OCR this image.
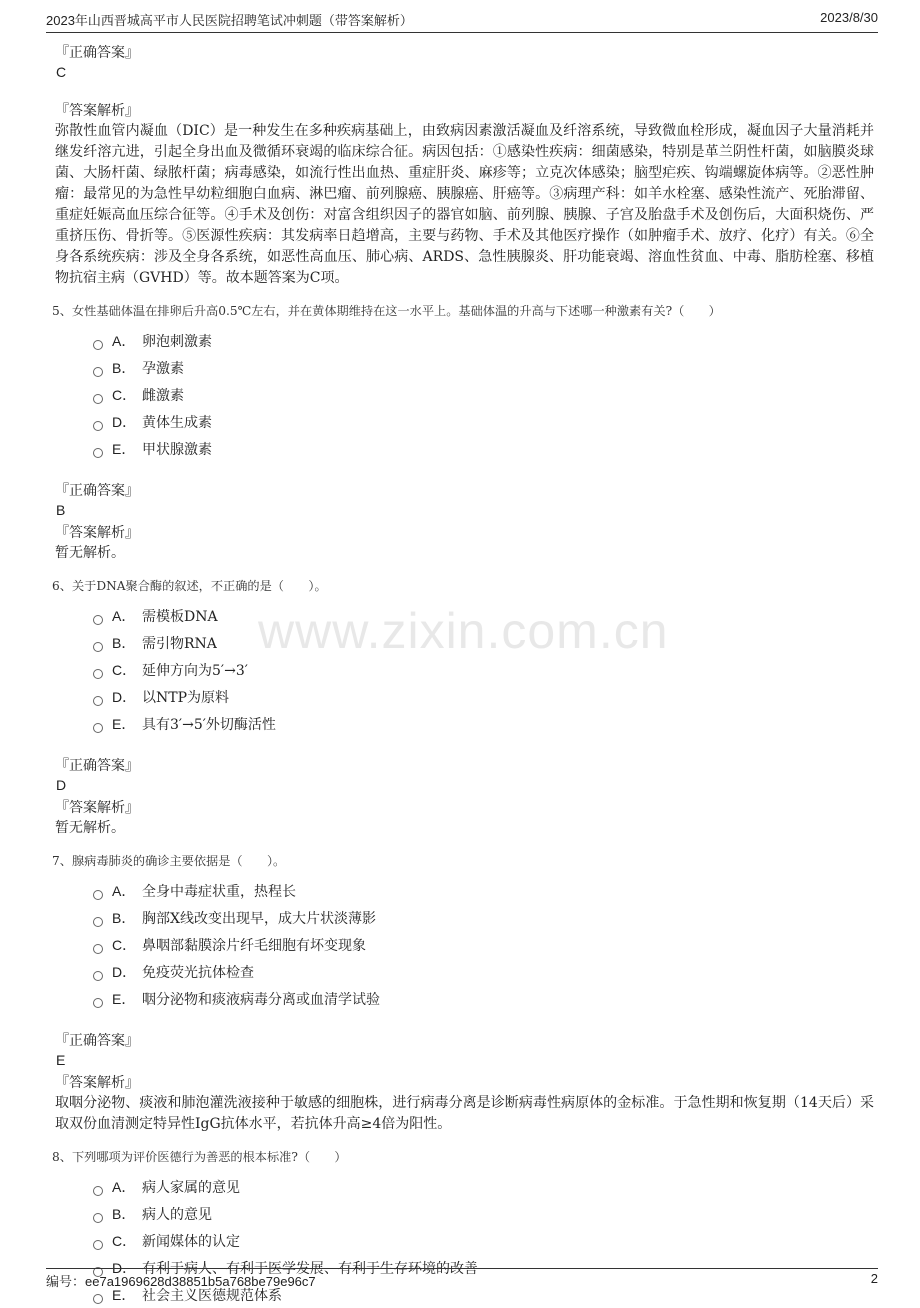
2023年山西晋城高平市人民医院招聘笔试冲刺题（带答案解析）	2023/8/30
www.zixin.com.cn
『正确答案』
C
『答案解析』

弥散性血管内凝血（DIC）是一种发生在多种疾病基础上，由致病因素激活凝血及纤溶系统，导致微血栓形成，凝血因子大量消耗并继发纤溶亢进，引起全身出血及微循环衰竭的临床综合征。病因包括：①感染性疾病：细菌感染，特别是革兰阴性杆菌，如脑膜炎球菌、大肠杆菌、绿脓杆菌；病毒感染，如流行性出血热、重症肝炎、麻疹等；立克次体感染；脑型疟疾、钩端螺旋体病等。②恶性肿瘤：最常见的为急性早幼粒细胞白血病、淋巴瘤、前列腺癌、胰腺癌、肝癌等。③病理产科：如羊水栓塞、感染性流产、死胎滞留、重症妊娠高血压综合征等。④手术及创伤：对富含组织因子的器官如脑、前列腺、胰腺、子宫及胎盘手术及创伤后，大面积烧伤、严重挤压伤、骨折等。⑤医源性疾病：其发病率日趋增高，主要与药物、手术及其他医疗操作（如肿瘤手术、放疗、化疗）有关。⑥全身各系统疾病：涉及全身各系统，如恶性高血压、肺心病、ARDS、急性胰腺炎、肝功能衰竭、溶血性贫血、中毒、脂肪栓塞、移植物抗宿主病（GVHD）等。故本题答案为C项。

5、女性基础体温在排卵后升高0.5℃左右，并在黄体期维持在这一水平上。基础体温的升高与下述哪一种激素有关?（　　）
A． 卵泡刺激素
B． 孕激素
C． 雌激素
D． 黄体生成素
E． 甲状腺激素
『正确答案』
B
『答案解析』

暂无解析。

6、关于DNA聚合酶的叙述，不正确的是（　　）。
A． 需模板DNA
B． 需引物RNA
C． 延伸方向为5′→3′
D． 以NTP为原料
E． 具有3′→5′外切酶活性
『正确答案』
D
『答案解析』

暂无解析。

7、腺病毒肺炎的确诊主要依据是（　　）。
A． 全身中毒症状重，热程长
B． 胸部X线改变出现早，成大片状淡薄影
C． 鼻咽部黏膜涂片纤毛细胞有坏变现象
D． 免疫荧光抗体检查
E． 咽分泌物和痰液病毒分离或血清学试验
『正确答案』
E
『答案解析』

取咽分泌物、痰液和肺泡灌洗液接种于敏感的细胞株，进行病毒分离是诊断病毒性病原体的金标准。于急性期和恢复期（14天后）采取双份血清测定特异性IgG抗体水平，若抗体升高≥4倍为阳性。

8、下列哪项为评价医德行为善恶的根本标准?（　　）
A． 病人家属的意见
B． 病人的意见
C． 新闻媒体的认定
D． 有利于病人、有利于医学发展、有利于生存环境的改善
E． 社会主义医德规范体系
编号：ee7a1969628d38851b5a768be79e96c7	2
